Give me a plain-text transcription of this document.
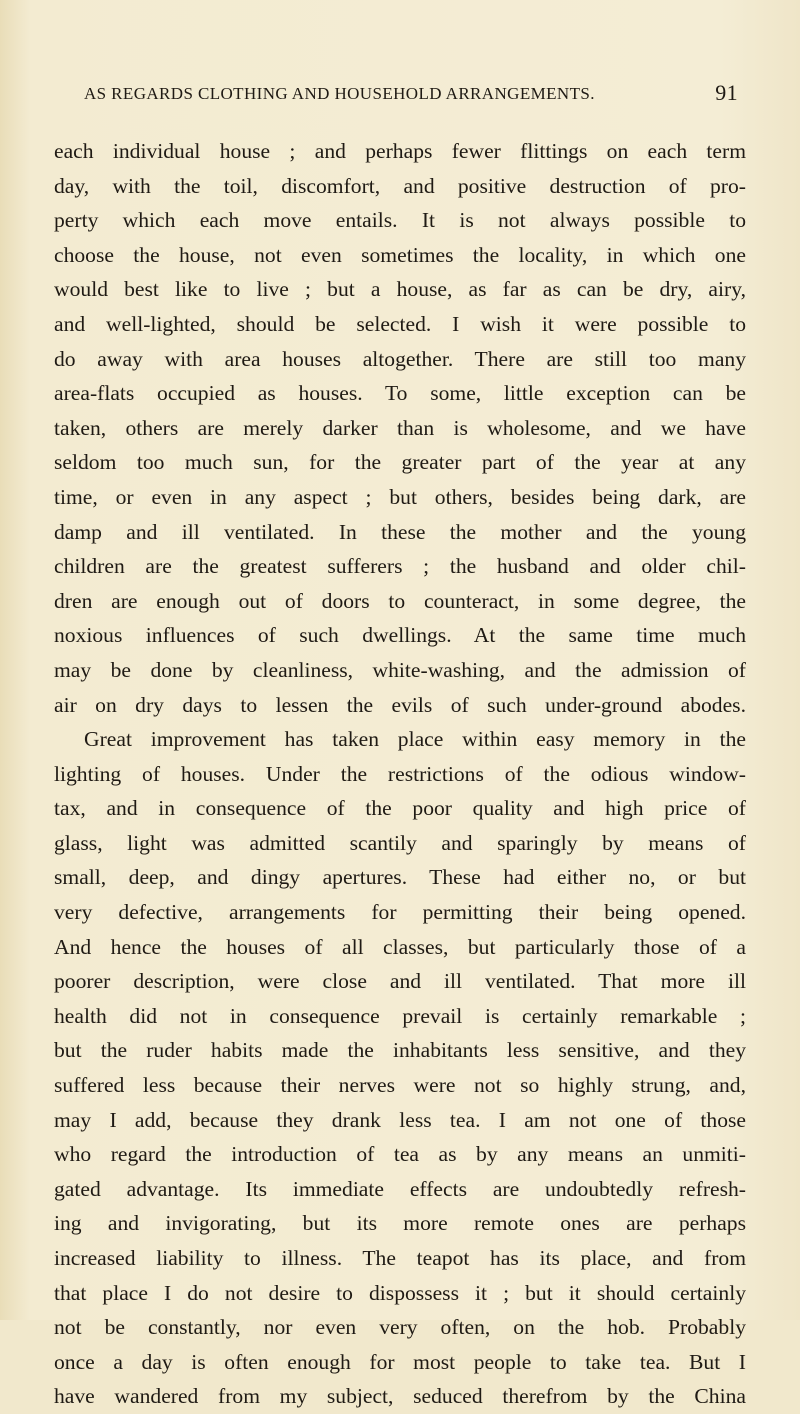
AS REGARDS CLOTHING AND HOUSEHOLD ARRANGEMENTS.	91
each individual house ; and perhaps fewer flittings on each term
day, with the toil, discomfort, and positive destruction of pro-
perty which each move entails. It is not always possible to
choose the house, not even sometimes the locality, in which one
would best like to live ; but a house, as far as can be dry, airy,
and well-lighted, should be selected. I wish it were possible to
do away with area houses altogether. There are still too many
area-flats occupied as houses. To some, little exception can be
taken, others are merely darker than is wholesome, and we have
seldom too much sun, for the greater part of the year at any
time, or even in any aspect ; but others, besides being dark, are
damp and ill ventilated. In these the mother and the young
children are the greatest sufferers ; the husband and older chil-
dren are enough out of doors to counteract, in some degree, the
noxious influences of such dwellings. At the same time much
may be done by cleanliness, white-washing, and the admission of
air on dry days to lessen the evils of such under-ground abodes.
Great improvement has taken place within easy memory in the
lighting of houses. Under the restrictions of the odious window-
tax, and in consequence of the poor quality and high price of
glass, light was admitted scantily and sparingly by means of
small, deep, and dingy apertures. These had either no, or but
very defective, arrangements for permitting their being opened.
And hence the houses of all classes, but particularly those of a
poorer description, were close and ill ventilated. That more ill
health did not in consequence prevail is certainly remarkable ;
but the ruder habits made the inhabitants less sensitive, and they
suffered less because their nerves were not so highly strung, and,
may I add, because they drank less tea. I am not one of those
who regard the introduction of tea as by any means an unmiti-
gated advantage. Its immediate effects are undoubtedly refresh-
ing and invigorating, but its more remote ones are perhaps
increased liability to illness. The teapot has its place, and from
that place I do not desire to dispossess it ; but it should certainly
not be constantly, nor even very often, on the hob. Probably
once a day is often enough for most people to take tea. But I
have wandered from my subject, seduced therefrom by the China
